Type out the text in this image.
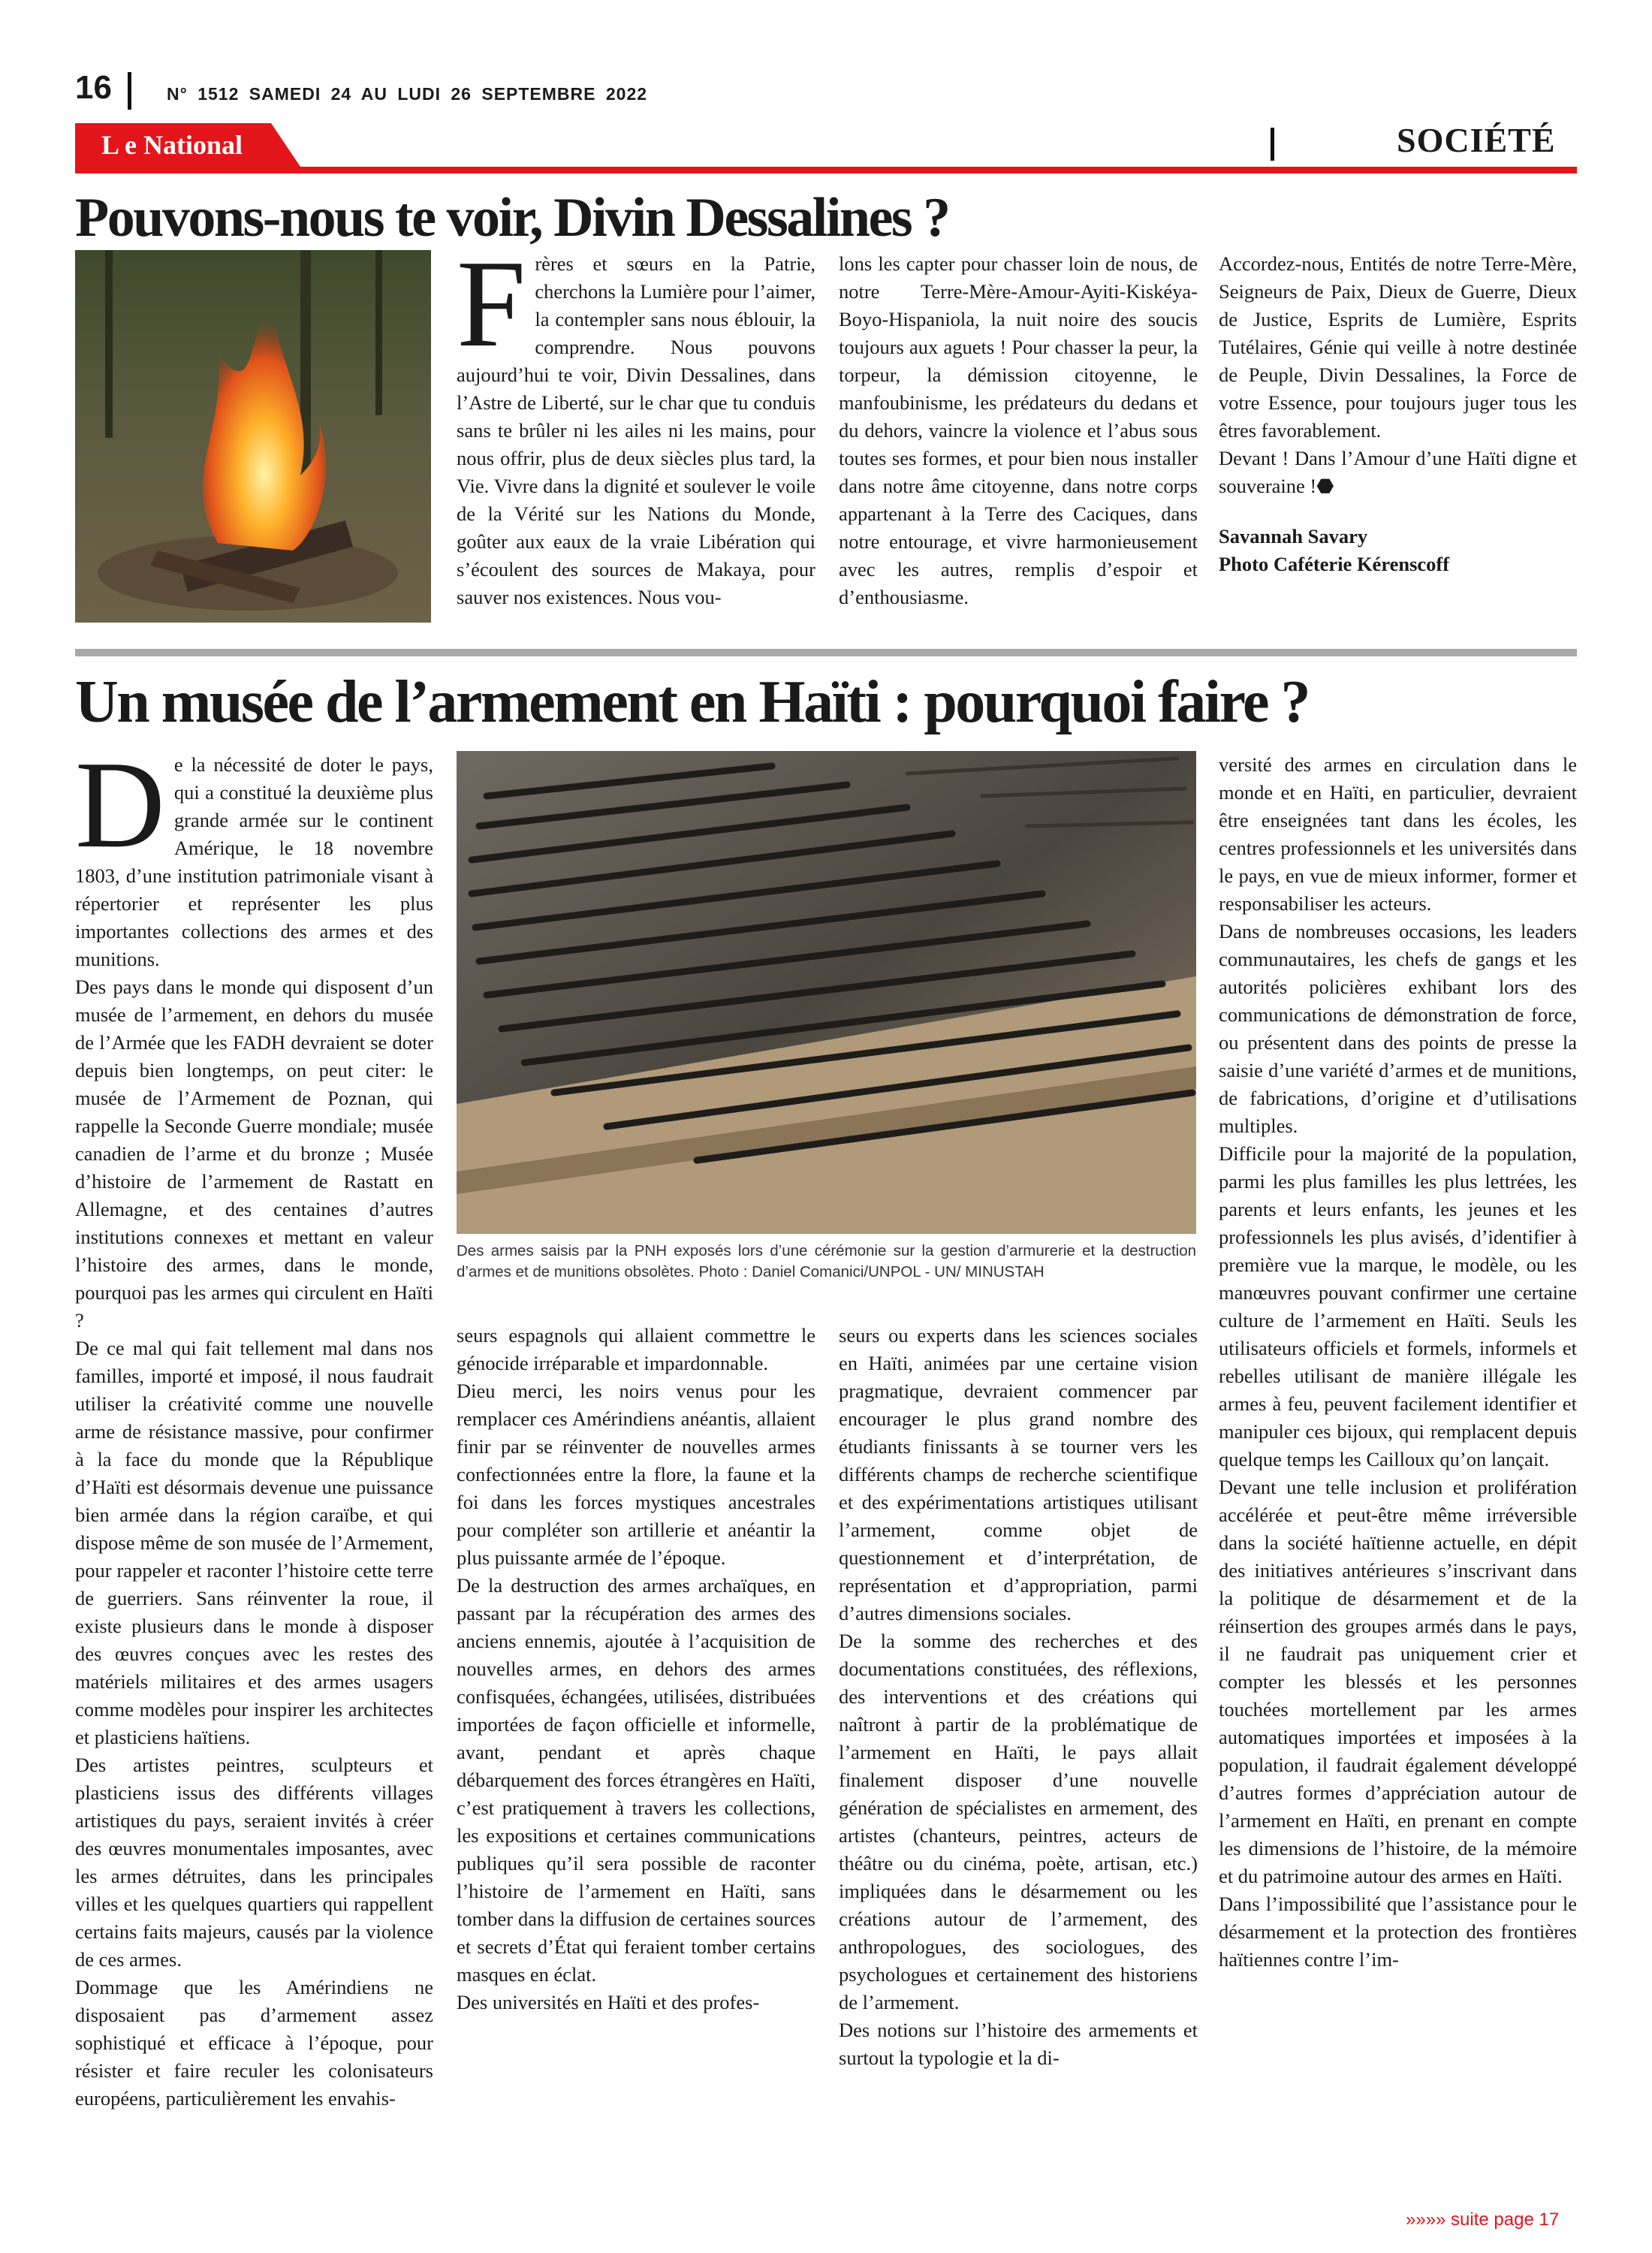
16	N° 1512 SAMEDI 24 AU LUDI 26 SEPTEMBRE 2022
L e National	SOCIÉTÉ
Pouvons-nous te voir, Divin Dessalines ?
F rères et sœurs en la Patrie, cherchons la Lumière pour l’aimer, la contempler sans nous éblouir, la comprendre. Nous pouvons aujourd’hui te voir, Divin Dessalines, dans l’Astre de Liberté, sur le char que tu conduis sans te brûler ni les ailes ni les mains, pour nous offrir, plus de deux siècles plus tard, la Vie. Vivre dans la dignité et soulever le voile de la Vérité sur les Nations du Monde, goûter aux eaux de la vraie Libération qui s’écoulent des sources de Makaya, pour sauver nos existences. Nous vou-

lons les capter pour chasser loin de nous, de notre Terre-Mère-Amour-Ayiti-Kiskéya-Boyo-Hispaniola, la nuit noire des soucis toujours aux aguets ! Pour chasser la peur, la torpeur, la démission citoyenne, le manfoubinisme, les prédateurs du dedans et du dehors, vaincre la violence et l’abus sous toutes ses formes, et pour bien nous installer dans notre âme citoyenne, dans notre corps appartenant à la Terre des Caciques, dans notre entourage, et vivre harmonieusement avec les autres, remplis d’espoir et d’enthousiasme.

Accordez-nous, Entités de notre Terre-Mère, Seigneurs de Paix, Dieux de Guerre, Dieux de Justice, Esprits de Lumière, Esprits Tutélaires, Génie qui veille à notre destinée de Peuple, Divin Dessalines, la Force de votre Essence, pour toujours juger tous les êtres favorablement.

Devant ! Dans l’Amour d’une Haïti digne et souveraine !⬣

Savannah Savary

Photo Caféterie Kérenscoff

Un musée de l’armement en Haïti : pourquoi faire ?
D e la nécessité de doter le pays, qui a constitué la deuxième plus grande armée sur le continent Amérique, le 18 novembre 1803, d’une institution patrimoniale visant à répertorier et représenter les plus importantes collections des armes et des munitions.

Des pays dans le monde qui disposent d’un musée de l’armement, en dehors du musée de l’Armée que les FADH devraient se doter depuis bien longtemps, on peut citer: le musée de l’Armement de Poznan, qui rappelle la Seconde Guerre mondiale; musée canadien de l’arme et du bronze ; Musée d’histoire de l’armement de Rastatt en Allemagne, et des centaines d’autres institutions connexes et mettant en valeur l’histoire des armes, dans le monde, pourquoi pas les armes qui circulent en Haïti ?

De ce mal qui fait tellement mal dans nos familles, importé et imposé, il nous faudrait utiliser la créativité comme une nouvelle arme de résistance massive, pour confirmer à la face du monde que la République d’Haïti est désormais devenue une puissance bien armée dans la région caraïbe, et qui dispose même de son musée de l’Armement, pour rappeler et raconter l’histoire cette terre de guerriers. Sans réinventer la roue, il existe plusieurs dans le monde à disposer des œuvres conçues avec les restes des matériels militaires et des armes usagers comme modèles pour inspirer les architectes et plasticiens haïtiens.

Des artistes peintres, sculpteurs et plasticiens issus des différents villages artistiques du pays, seraient invités à créer des œuvres monumentales imposantes, avec les armes détruites, dans les principales villes et les quelques quartiers qui rappellent certains faits majeurs, causés par la violence de ces armes.

Dommage que les Amérindiens ne disposaient pas d’armement assez sophistiqué et efficace à l’époque, pour résister et faire reculer les colonisateurs européens, particulièrement les envahis-

Des armes saisis par la PNH exposés lors d’une cérémonie sur la gestion d’armurerie et la destruction d’armes et de munitions obsolètes. Photo : Daniel Comanici/UNPOL - UN/ MINUSTAH

seurs espagnols qui allaient commettre le génocide irréparable et impardonnable.

Dieu merci, les noirs venus pour les remplacer ces Amérindiens anéantis, allaient finir par se réinventer de nouvelles armes confectionnées entre la flore, la faune et la foi dans les forces mystiques ancestrales pour compléter son artillerie et anéantir la plus puissante armée de l’époque.

De la destruction des armes archaïques, en passant par la récupération des armes des anciens ennemis, ajoutée à l’acquisition de nouvelles armes, en dehors des armes confisquées, échangées, utilisées, distribuées importées de façon officielle et informelle, avant, pendant et après chaque débarquement des forces étrangères en Haïti, c’est pratiquement à travers les collections, les expositions et certaines communications publiques qu’il sera possible de raconter l’histoire de l’armement en Haïti, sans tomber dans la diffusion de certaines sources et secrets d’État qui feraient tomber certains masques en éclat.

Des universités en Haïti et des profes-

seurs ou experts dans les sciences sociales en Haïti, animées par une certaine vision pragmatique, devraient commencer par encourager le plus grand nombre des étudiants finissants à se tourner vers les différents champs de recherche scientifique et des expérimentations artistiques utilisant l’armement, comme objet de questionnement et d’interprétation, de représentation et d’appropriation, parmi d’autres dimensions sociales.

De la somme des recherches et des documentations constituées, des réflexions, des interventions et des créations qui naîtront à partir de la problématique de l’armement en Haïti, le pays allait finalement disposer d’une nouvelle génération de spécialistes en armement, des artistes (chanteurs, peintres, acteurs de théâtre ou du cinéma, poète, artisan, etc.) impliquées dans le désarmement ou les créations autour de l’armement, des anthropologues, des sociologues, des psychologues et certainement des historiens de l’armement.

Des notions sur l’histoire des armements et surtout la typologie et la di-

versité des armes en circulation dans le monde et en Haïti, en particulier, devraient être enseignées tant dans les écoles, les centres professionnels et les universités dans le pays, en vue de mieux informer, former et responsabiliser les acteurs.

Dans de nombreuses occasions, les leaders communautaires, les chefs de gangs et les autorités policières exhibant lors des communications de démonstration de force, ou présentent dans des points de presse la saisie d’une variété d’armes et de munitions, de fabrications, d’origine et d’utilisations multiples.

Difficile pour la majorité de la population, parmi les plus familles les plus lettrées, les parents et leurs enfants, les jeunes et les professionnels les plus avisés, d’identifier à première vue la marque, le modèle, ou les manœuvres pouvant confirmer une certaine culture de l’armement en Haïti. Seuls les utilisateurs officiels et formels, informels et rebelles utilisant de manière illégale les armes à feu, peuvent facilement identifier et manipuler ces bijoux, qui remplacent depuis quelque temps les Cailloux qu’on lançait.

Devant une telle inclusion et prolifération accélérée et peut-être même irréversible dans la société haïtienne actuelle, en dépit des initiatives antérieures s’inscrivant dans la politique de désarmement et de la réinsertion des groupes armés dans le pays, il ne faudrait pas uniquement crier et compter les blessés et les personnes touchées mortellement par les armes automatiques importées et imposées à la population, il faudrait également développé d’autres formes d’appréciation autour de l’armement en Haïti, en prenant en compte les dimensions de l’histoire, de la mémoire et du patrimoine autour des armes en Haïti.

Dans l’impossibilité que l’assistance pour le désarmement et la protection des frontières haïtiennes contre l’im-

»»»» suite page 17
